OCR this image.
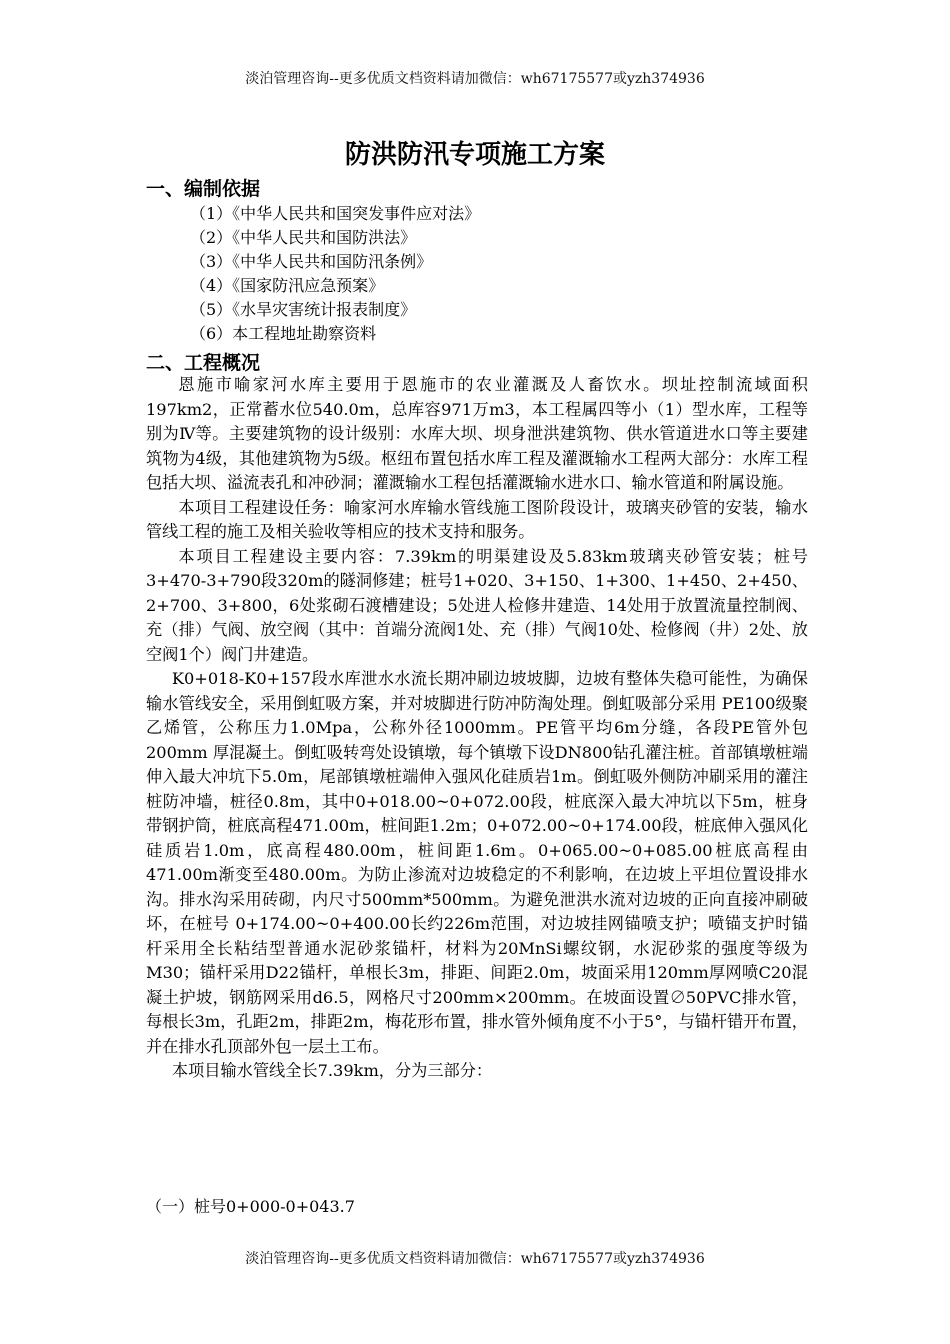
淡泊管理咨询--更多优质文档资料请加微信：wh67175577或yzh374936
防洪防汛专项施工方案
一、编制依据
（1）《中华人民共和国突发事件应对法》
（2）《中华人民共和国防洪法》
（3）《中华人民共和国防汛条例》
（4）《国家防汛应急预案》
（5）《水旱灾害统计报表制度》
（6）本工程地址勘察资料
二、工程概况

恩施市喻家河水库主要用于恩施市的农业灌溉及人畜饮水。坝址控制流域面积197km2，正常蓄水位540.0m，总库容971万m3，本工程属四等小（1）型水库，工程等别为Ⅳ等。主要建筑物的设计级别：水库大坝、坝身泄洪建筑物、供水管道进水口等主要建筑物为4级，其他建筑物为5级。枢纽布置包括水库工程及灌溉输水工程两大部分：水库工程包括大坝、溢流表孔和冲砂洞；灌溉输水工程包括灌溉输水进水口、输水管道和附属设施。

本项目工程建设任务：喻家河水库输水管线施工图阶段设计，玻璃夹砂管的安装，输水管线工程的施工及相关验收等相应的技术支持和服务。

本项目工程建设主要内容：7.39km的明渠建设及5.83km玻璃夹砂管安装；桩号3+470-3+790段320m的隧洞修建；桩号1+020、3+150、1+300、1+450、2+450、2+700、3+800，6处浆砌石渡槽建设；5处进人检修井建造、14处用于放置流量控制阀、充（排）气阀、放空阀（其中：首端分流阀1处、充（排）气阀10处、检修阀（井）2处、放空阀1个）阀门井建造。

K0+018-K0+157段水库泄水水流长期冲刷边坡坡脚，边坡有整体失稳可能性，为确保输水管线安全，采用倒虹吸方案，并对坡脚进行防冲防淘处理。倒虹吸部分采用 PE100级聚乙烯管，公称压力1.0Mpa，公称外径1000mm。PE管平均6m分缝，各段PE管外包200mm 厚混凝土。倒虹吸转弯处设镇墩，每个镇墩下设DN800钻孔灌注桩。首部镇墩桩端伸入最大冲坑下5.0m，尾部镇墩桩端伸入强风化硅质岩1m。倒虹吸外侧防冲刷采用的灌注桩防冲墙，桩径0.8m，其中0+018.00~0+072.00段，桩底深入最大冲坑以下5m，桩身带钢护筒，桩底高程471.00m，桩间距1.2m；0+072.00~0+174.00段，桩底伸入强风化硅质岩1.0m，底高程480.00m，桩间距1.6m。0+065.00~0+085.00桩底高程由471.00m渐变至480.00m。为防止渗流对边坡稳定的不利影响，在边坡上平坦位置设排水沟。排水沟采用砖砌，内尺寸500mm*500mm。为避免泄洪水流对边坡的正向直接冲刷破坏，在桩号 0+174.00~0+400.00长约226m范围，对边坡挂网锚喷支护；喷锚支护时锚杆采用全长粘结型普通水泥砂浆锚杆，材料为20MnSi螺纹钢，水泥砂浆的强度等级为M30；锚杆采用D22锚杆，单根长3m，排距、间距2.0m，坡面采用120mm厚网喷C20混凝土护坡，钢筋网采用d6.5，网格尺寸200mm×200mm。在坡面设置∅50PVC排水管，每根长3m，孔距2m，排距2m，梅花形布置，排水管外倾角度不小于5°，与锚杆错开布置，并在排水孔顶部外包一层土工布。

本项目输水管线全长7.39km，分为三部分：

（一）桩号0+000-0+043.7
淡泊管理咨询--更多优质文档资料请加微信：wh67175577或yzh374936
